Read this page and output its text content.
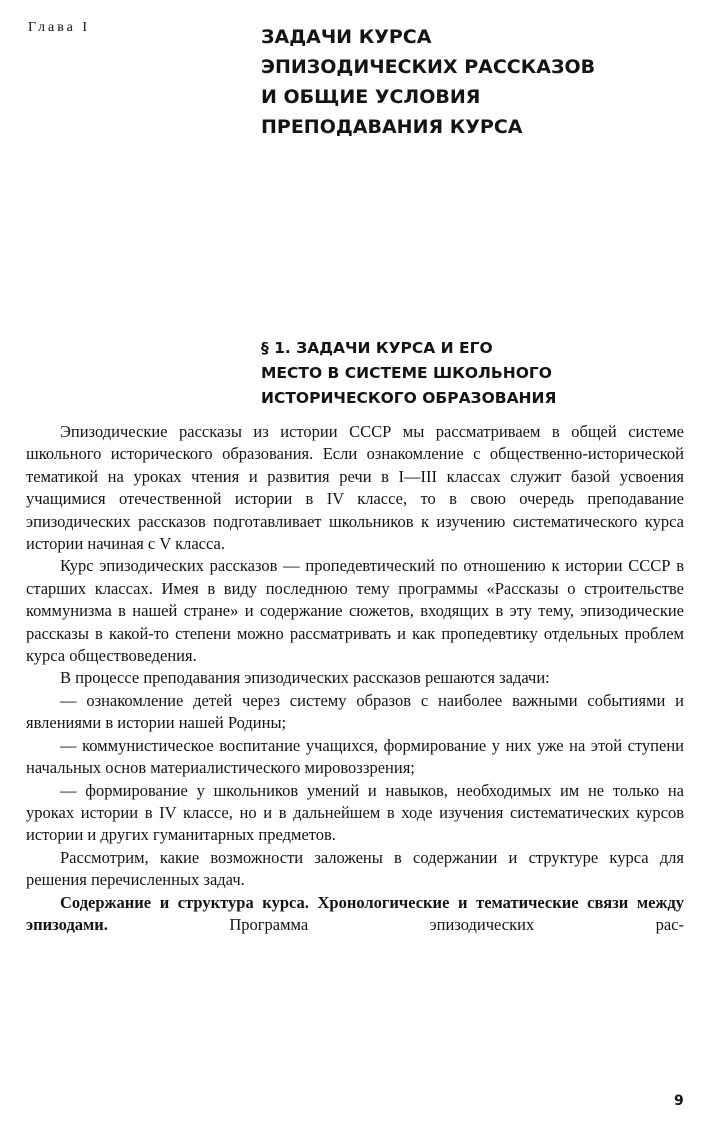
Глава I	ЗАДАЧИ КУРСА
ЭПИЗОДИЧЕСКИХ РАССКАЗОВ
И ОБЩИЕ УСЛОВИЯ
ПРЕПОДАВАНИЯ КУРСА
§ 1. ЗАДАЧИ КУРСА И ЕГО
МЕСТО В СИСТЕМЕ ШКОЛЬНОГО
ИСТОРИЧЕСКОГО ОБРАЗОВАНИЯ

Эпизодические рассказы из истории СССР мы рассматриваем в общей системе школьного исторического образования. Если ознакомление с общественно-исторической тематикой на уроках чтения и развития речи в I—III классах служит базой усвоения учащимися отечественной истории в IV классе, то в свою очередь преподавание эпизодических рассказов подготавливает школьников к изучению систематического курса истории начиная с V класса.

Курс эпизодических рассказов — пропедевтический по отношению к истории СССР в старших классах. Имея в виду последнюю тему программы «Рассказы о строительстве коммунизма в нашей стране» и содержание сюжетов, входящих в эту тему, эпизодические рассказы в какой-то степени можно рассматривать и как пропедевтику отдельных проблем курса обществоведения.

В процессе преподавания эпизодических рассказов решаются задачи:

— ознакомление детей через систему образов с наиболее важными событиями и явлениями в истории нашей Родины;

— коммунистическое воспитание учащихся, формирование у них уже на этой ступени начальных основ материалистического мировоззрения;

— формирование у школьников умений и навыков, необходимых им не только на уроках истории в IV классе, но и в дальнейшем в ходе изучения систематических курсов истории и других гуманитарных предметов.

Рассмотрим, какие возможности заложены в содержании и структуре курса для решения перечисленных задач.

Содержание и структура курса. Хронологические и тематические связи между эпизодами. Программа эпизодических рас-

9
